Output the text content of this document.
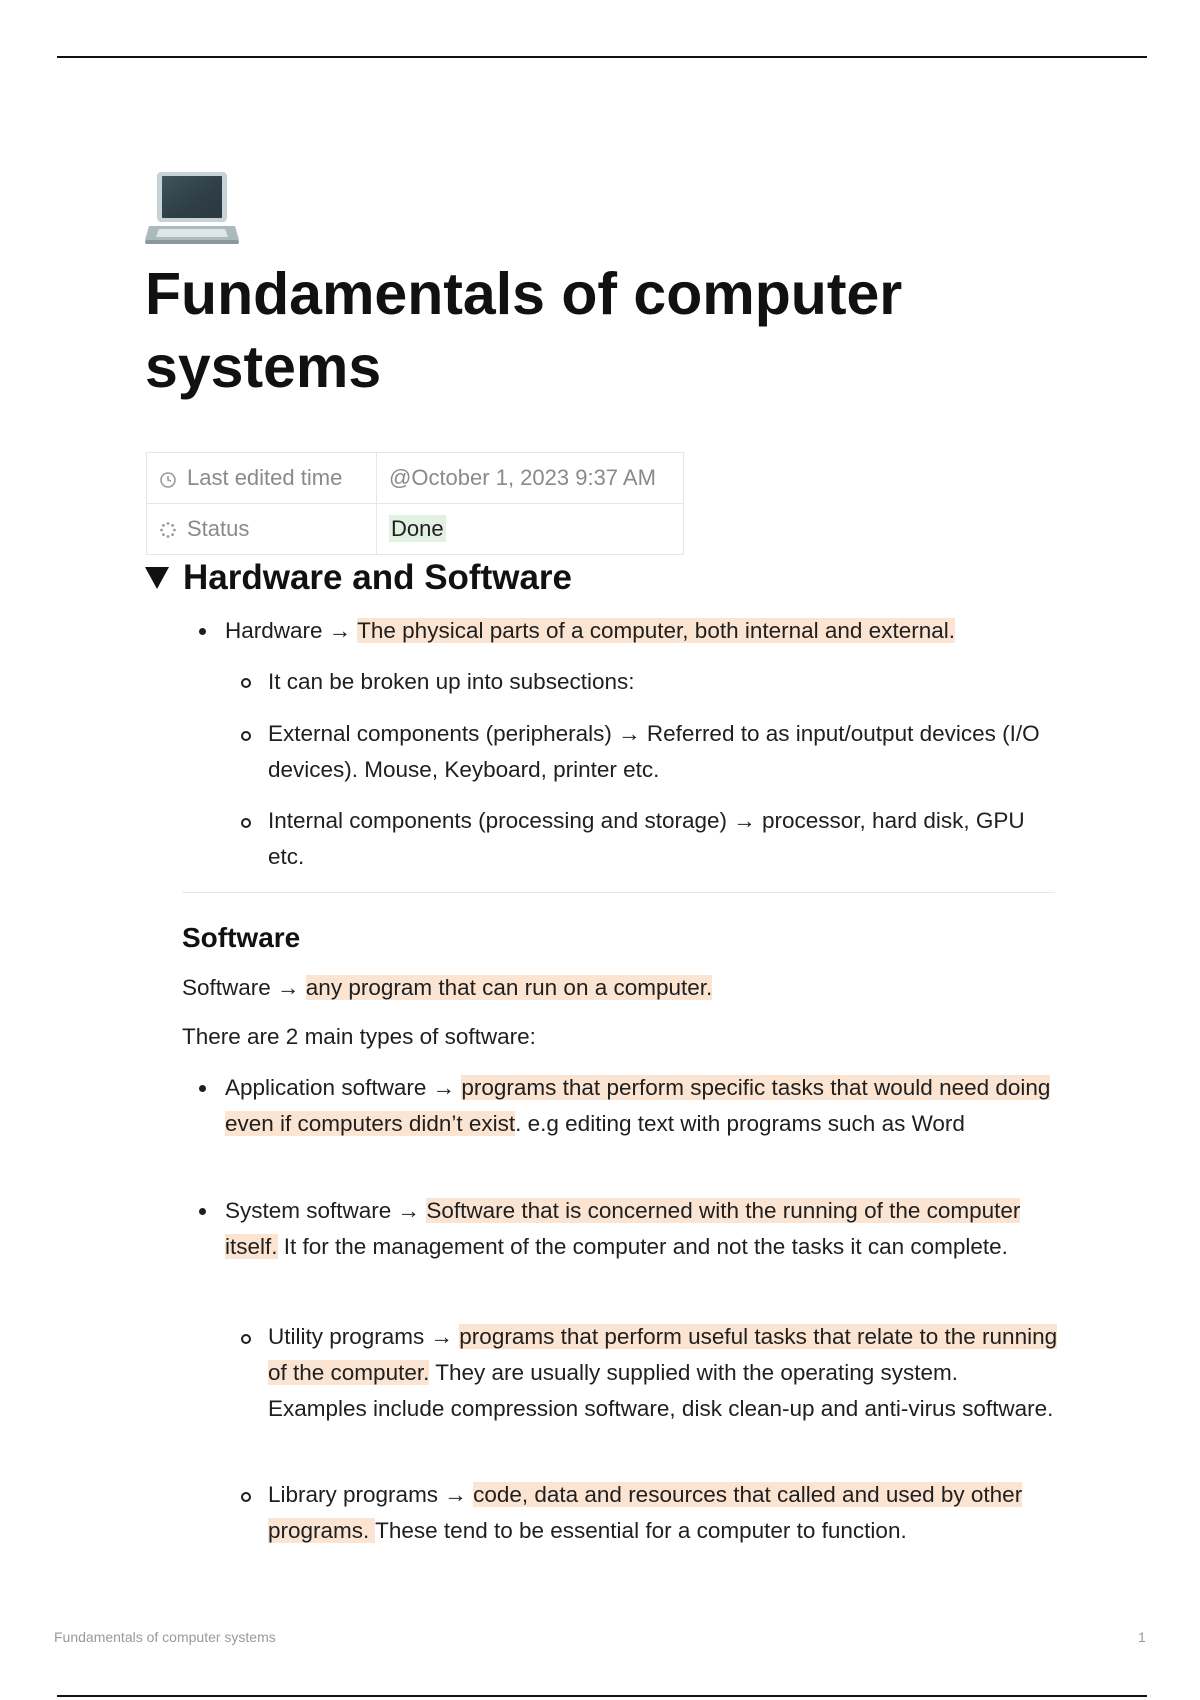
Fundamentals of computer systems
Last edited time	@October 1, 2023 9:37 AM
Status	Done
Hardware and Software

Hardware → The physical parts of a computer, both internal and external.

It can be broken up into subsections:

External components (peripherals) → Referred to as input/output devices (I/O devices). Mouse, Keyboard, printer etc.

Internal components (processing and storage) → processor, hard disk, GPU etc.

Software

Software → any program that can run on a computer.

There are 2 main types of software:

Application software → programs that perform specific tasks that would need doing even if computers didn’t exist. e.g editing text with programs such as Word

System software → Software that is concerned with the running of the computer itself. It for the management of the computer and not the tasks it can complete.

Utility programs → programs that perform useful tasks that relate to the running of the computer. They are usually supplied with the operating system. Examples include compression software, disk clean-up and anti-virus software.

Library programs → code, data and resources that called and used by other programs. These tend to be essential for a computer to function.

Fundamentals of computer systems	1
